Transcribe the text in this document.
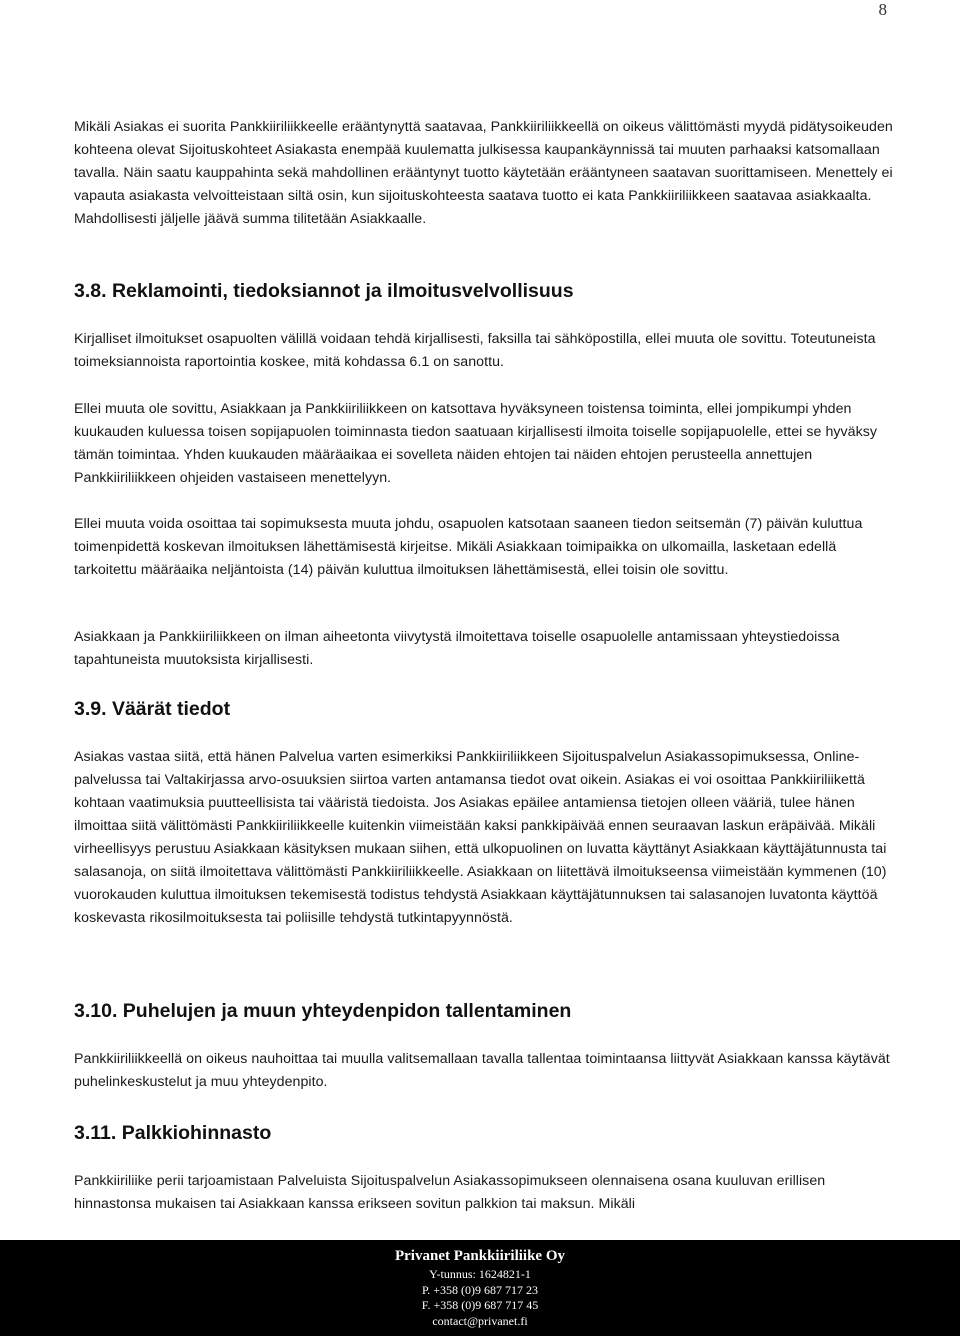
8

Mikäli Asiakas ei suorita Pankkiiriliikkeelle erääntynyttä saatavaa, Pankkiiriliikkeellä on oikeus välittömästi myydä pidätysoikeuden kohteena olevat Sijoituskohteet Asiakasta enempää kuulematta julkisessa kaupankäynnissä tai muuten parhaaksi katsomallaan tavalla. Näin saatu kauppahinta sekä mahdollinen erääntynyt tuotto käytetään erääntyneen saatavan suorittamiseen. Menettely ei vapauta asiakasta velvoitteistaan siltä osin, kun sijoituskohteesta saatava tuotto ei kata Pankkiiriliikkeen saatavaa asiakkaalta. Mahdollisesti jäljelle jäävä summa tilitetään Asiakkaalle.

3.8. Reklamointi, tiedoksiannot ja ilmoitusvelvollisuus

Kirjalliset ilmoitukset osapuolten välillä voidaan tehdä kirjallisesti, faksilla tai sähköpostilla, ellei muuta ole sovittu. Toteutuneista toimeksiannoista raportointia koskee, mitä kohdassa 6.1 on sanottu.

Ellei muuta ole sovittu, Asiakkaan ja Pankkiiriliikkeen on katsottava hyväksyneen toistensa toiminta, ellei jompikumpi yhden kuukauden kuluessa toisen sopijapuolen toiminnasta tiedon saatuaan kirjallisesti ilmoita toiselle sopijapuolelle, ettei se hyväksy tämän toimintaa. Yhden kuukauden määräaikaa ei sovelleta näiden ehtojen tai näiden ehtojen perusteella annettujen Pankkiiriliikkeen ohjeiden vastaiseen menettelyyn.

Ellei muuta voida osoittaa tai sopimuksesta muuta johdu, osapuolen katsotaan saaneen tiedon seitsemän (7) päivän kuluttua toimenpidettä koskevan ilmoituksen lähettämisestä kirjeitse. Mikäli Asiakkaan toimipaikka on ulkomailla, lasketaan edellä tarkoitettu määräaika neljäntoista (14) päivän kuluttua ilmoituksen lähettämisestä, ellei toisin ole sovittu.

Asiakkaan ja Pankkiiriliikkeen on ilman aiheetonta viivytystä ilmoitettava toiselle osapuolelle antamissaan yhteystiedoissa tapahtuneista muutoksista kirjallisesti.

3.9. Väärät tiedot

Asiakas vastaa siitä, että hänen Palvelua varten esimerkiksi Pankkiiriliikkeen Sijoituspalvelun Asiakassopimuksessa, Online-palvelussa tai Valtakirjassa arvo-osuuksien siirtoa varten antamansa tiedot ovat oikein. Asiakas ei voi osoittaa Pankkiiriliikettä kohtaan vaatimuksia puutteellisista tai vääristä tiedoista. Jos Asiakas epäilee antamiensa tietojen olleen vääriä, tulee hänen ilmoittaa siitä välittömästi Pankkiiriliikkeelle kuitenkin viimeistään kaksi pankkipäivää ennen seuraavan laskun eräpäivää. Mikäli virheellisyys perustuu Asiakkaan käsityksen mukaan siihen, että ulkopuolinen on luvatta käyttänyt Asiakkaan käyttäjätunnusta tai salasanoja, on siitä ilmoitettava välittömästi Pankkiiriliikkeelle. Asiakkaan on liitettävä ilmoitukseensa viimeistään kymmenen (10) vuorokauden kuluttua ilmoituksen tekemisestä todistus tehdystä Asiakkaan käyttäjätunnuksen tai salasanojen luvatonta käyttöä koskevasta rikosilmoituksesta tai poliisille tehdystä tutkintapyynnöstä.

3.10. Puhelujen ja muun yhteydenpidon tallentaminen

Pankkiiriliikkeellä on oikeus nauhoittaa tai muulla valitsemallaan tavalla tallentaa toimintaansa liittyvät Asiakkaan kanssa käytävät puhelinkeskustelut ja muu yhteydenpito.

3.11. Palkkiohinnasto

Pankkiiriliike perii tarjoamistaan Palveluista Sijoituspalvelun Asiakassopimukseen olennaisena osana kuuluvan erillisen hinnastonsa mukaisen tai Asiakkaan kanssa erikseen sovitun palkkion tai maksun. Mikäli

Privanet Pankkiiriliike Oy
Y-tunnus: 1624821-1
P. +358 (0)9 687 717 23
F. +358 (0)9 687 717 45
contact@privanet.fi
